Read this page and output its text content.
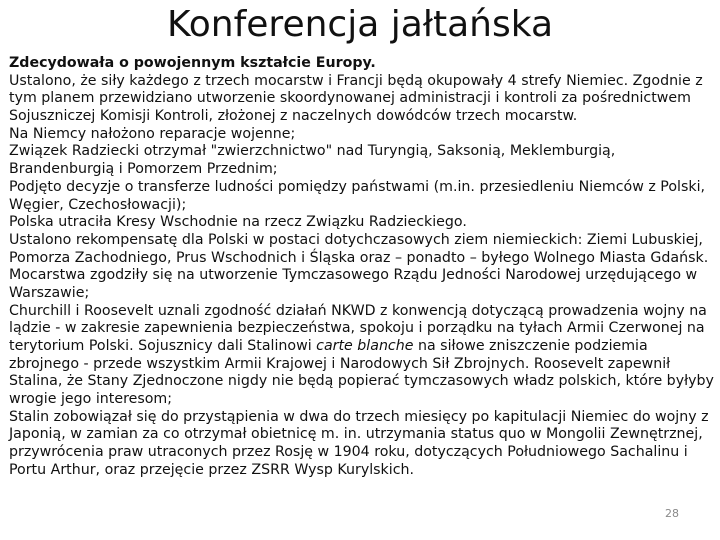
Konferencja jałtańska
Zdecydowała o powojennym kształcie Europy.
Ustalono, że siły każdego z trzech mocarstw i Francji będą okupowały 4 strefy Niemiec. Zgodnie z
tym planem przewidziano utworzenie skoordynowanej administracji i kontroli za pośrednictwem
Sojuszniczej Komisji Kontroli, złożonej z naczelnych dowódców trzech mocarstw.
Na Niemcy nałożono reparacje wojenne;
Związek Radziecki otrzymał "zwierzchnictwo" nad Turyngią, Saksonią, Meklemburgią,
Brandenburgią i Pomorzem Przednim;
Podjęto decyzje o transferze ludności pomiędzy państwami (m.in. przesiedleniu Niemców z Polski,
Węgier, Czechosłowacji);
Polska utraciła Kresy Wschodnie na rzecz Związku Radzieckiego.
Ustalono rekompensatę dla Polski w postaci dotychczasowych ziem niemieckich: Ziemi Lubuskiej,
Pomorza Zachodniego, Prus Wschodnich i Śląska oraz – ponadto – byłego Wolnego Miasta Gdańsk.
Mocarstwa zgodziły się na utworzenie Tymczasowego Rządu Jedności Narodowej urzędującego w
Warszawie;
Churchill i Roosevelt uznali zgodność działań NKWD z konwencją dotyczącą prowadzenia wojny na
lądzie - w zakresie zapewnienia bezpieczeństwa, spokoju i porządku na tyłach Armii Czerwonej na
terytorium Polski. Sojusznicy dali Stalinowi carte blanche na siłowe zniszczenie podziemia
zbrojnego - przede wszystkim Armii Krajowej i Narodowych Sił Zbrojnych. Roosevelt zapewnił
Stalina, że Stany Zjednoczone nigdy nie będą popierać tymczasowych władz polskich, które byłyby
wrogie jego interesom;
Stalin zobowiązał się do przystąpienia w dwa do trzech miesięcy po kapitulacji Niemiec do wojny z
Japonią, w zamian za co otrzymał obietnicę m. in. utrzymania status quo w Mongolii Zewnętrznej,
przywrócenia praw utraconych przez Rosję w 1904 roku, dotyczących Południowego Sachalinu i
Portu Arthur, oraz przejęcie przez ZSRR Wysp Kurylskich.
28
